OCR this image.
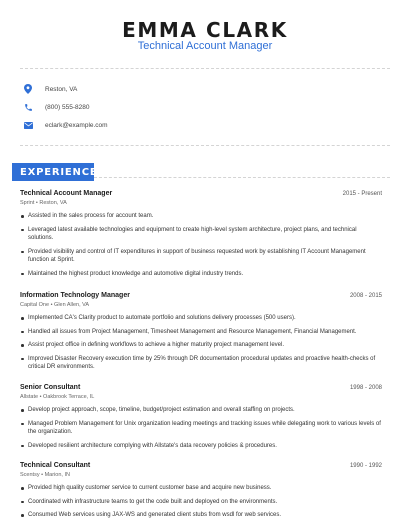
EMMA CLARK
Technical Account Manager
Reston, VA
(800) 555-8280
eclark@example.com
EXPERIENCE
Technical Account Manager	2015 - Present
Sprint • Reston, VA
Assisted in the sales process for account team.
Leveraged latest available technologies and equipment to create high-level system architecture, project plans, and technical solutions.
Provided visibility and control of IT expenditures in support of business requested work by establishing IT Account Management function at Sprint.
Maintained the highest product knowledge and automotive digital industry trends.
Information Technology Manager	2008 - 2015
Capital One • Glen Allen, VA
Implemented CA's Clarity product to automate portfolio and solutions delivery processes (500 users).
Handled all issues from Project Management, Timesheet Management and Resource Management, Financial Management.
Assist project office in defining workflows to achieve a higher maturity project management level.
Improved Disaster Recovery execution time by 25% through DR documentation procedural updates and proactive health-checks of critical DR environments.
Senior Consultant	1998 - 2008
Allstate • Oakbrook Terrace, IL
Develop project approach, scope, timeline, budget/project estimation and overall staffing on projects.
Managed Problem Management for Unix organization leading meetings and tracking issues while delegating work to various levels of the organization.
Developed resilient architecture complying with Allstate's data recovery policies & procedures.
Technical Consultant	1990 - 1992
Scentsy • Marion, IN
Provided high quality customer service to current customer base and acquire new business.
Coordinated with infrastructure teams to get the code built and deployed on the environments.
Consumed Web services using JAX-WS and generated client stubs from wsdl for web services.
